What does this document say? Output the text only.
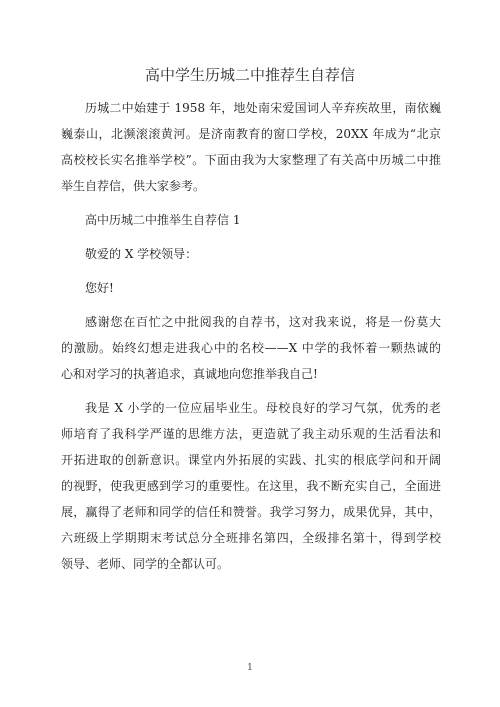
高中学生历城二中推荐生自荐信
历城二中始建于 1958 年，地处南宋爱国词人辛弃疾故里，南依巍
巍泰山，北濒滚滚黄河。是济南教育的窗口学校，20XX 年成为“北京
高校校长实名推举学校”。下面由我为大家整理了有关高中历城二中推
举生自荐信，供大家参考。
高中历城二中推举生自荐信 1
敬爱的 X 学校领导：
您好!
感谢您在百忙之中批阅我的自荐书，这对我来说，将是一份莫大
的激励。始终幻想走进我心中的名校——X 中学的我怀着一颗热诚的
心和对学习的执著追求，真诚地向您推举我自己!
我是 X 小学的一位应届毕业生。母校良好的学习气氛，优秀的老
师培育了我科学严谨的思维方法，更造就了我主动乐观的生活看法和
开拓进取的创新意识。课堂内外拓展的实践、扎实的根底学问和开阔
的视野，使我更感到学习的重要性。在这里，我不断充实自己，全面进
展，赢得了老师和同学的信任和赞誉。我学习努力，成果优异，其中，
六班级上学期期末考试总分全班排名第四，全级排名第十，得到学校
领导、老师、同学的全都认可。
1
